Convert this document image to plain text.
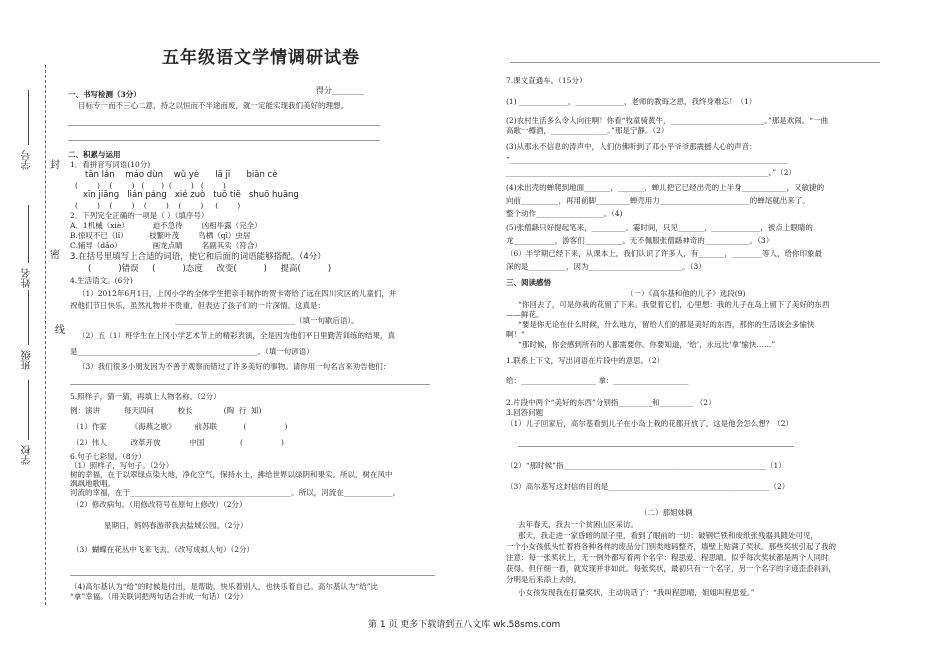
学号
姓名
班级
学校
封
密
线
五年级语文学情调研试卷
得分________
一、书写检测（3分）
目标专一而不三心二意，持之以恒而不半途而废，就一定能实现我们美好的理想。
二、积累与运用
1．看拼音写词语(10分)
tān lán    máo dùn    wǔ yè      lā jī      biān cè
(        )    (        )   (       )  (        )   (        )
xīn jiāng   lián páng   xié zuò   tuō tiē   shuō huāng
(        )    (        )    (        )    (        )     (        )
2．下列完全正确的一项是（ ）（填序号）
A．1机械（xiè）          迫不急待        凶相毕露（完全）
B.惊叹不已（lǐ）         枝繁叶茂        鸟栖（qī）虫居
C.辅导（dǎo）             画龙点睛        名副其实（符合）
3.在括号里填写上合适的词语，使它和后面的词语能够搭配。（4分）
(          )错误     (          )态度     改变(          )     提高(          )
4.生活语文。(6分)
（1）2012年6月1日，上冈小学的全体学生把亲手制作的贺卡寄给了远在四川灾区的儿童们，并
祝他们节日快乐，虽然礼物并不贵重，但表达了孩子们的一片深情。这真是：
________________________________（填一句歇后语）。
（2）五（1）班学生在上冈小学艺术节上的精彩表演，全是因为他们平日里勤苦训练的结果，真
是________________________________________________。（填一句谚语）
（3）我们很多小朋友因为不善于观察而错过了许多美好的事物。请你用一句名言来劝告他们：
5.照样子，猜一猜，再填上人物名称。（2分）
例：演讲          每天四问          校长             (陶  行  知)
（1）作家          《海燕之歌》        前苏联           (                )
（2）伟人          改革开放            中国               (                )
6.句子七彩屋。（8分）
（1）照样子，写句子。（2分）
树的幸福，在于以翠绿点染大地，净化空气，保持水土，拂给世界以绿阴和果实。所以，树在风中
飒飒地歌唱。
河流的幸福，在于___________________________________________。所以，河流在_____________。
（2）修改病句。（用修改符号在原句上修改）（2分）
星期日，妈妈春游带我去盐城公园。（2分）
（3）蝴蝶在花丛中飞来飞去。（改写成拟人句）（2分）
（4)高尔基认为“给”的时候是付出，是帮助，快乐着别人，也快乐着自己。高尔基认为“给”比
“拿”幸福。（用关联词把两句话合并成一句话）（2分）
7.课文直通车。（15分）
(1) _____________，_____________，老师的教诲之恩，我终身难忘！（1）
(2)农村生活多么令人向往啊！你看“牧童骑黄牛，_________________________。”那是欢闹。“一曲
高歌一樽酒，_______________。”那是宁静。（2）
(3)从那永不信息的涛声中，人们仿佛听到了邓小平爷爷那震撼人心的声音：
“__________________________________________________________________________
______________________________________________________________________。”（2）
(4)未出壳的蝉爬到地面_______，_______，蝉儿把它已经出壳的上半身____________，又敏捷的
向前__________，再用前脚_________蝉壳用力________________________的蝉尾就出来了。
整个动作__________________。（4)
(5)张僧繇只好提起笔来，_________。霎时间，只见_______，_____________，被点上眼睛的
龙___________，游客们__________。无不佩服张僧繇神奇的____________。（3）
（6）半学期已经下来，从课本上，我们认识了许多人，有_______，________等人，给你印象最
深的是__________，因为_________________________。（3）
三、阅读感悟
（一）《高尔基和他的儿子》选段(9)
“你回去了，可是你栽的花留了下来。我望着它们，心里想：我的儿子在岛上留下了美好的东西
——鲜花。
“要是你无论在什么时候，什么地方，留给人们的都是美好的东西，那你的生活该会多愉快
啊！”
“那时候，你会感到所有的人都需要你。你要知道，‘给’，永远比‘拿’愉快……”
1.联系上下文，写出词语在片段中的意思。（2）
给：____________________ 拿：____________________
2.片段中两个“美好的东西”分别指_________和_________ （2）
3.回答问题
（1）儿子回家后，高尔基看到儿子在小岛上栽的花都开放了，这是他会怎么想？（2）
（2）“那时候”指______________________________________________________（1）
（3）高尔基写这封信的目的是___________________________________________（2）
（二）那姐妹俩
去年春天，我去一个贫困山区采访。
那天，我走进一家昏暗的屋子里，看到了眼前的一切：破钢烂铁和废纸张残器具随处可见，
一个小女孩低头忙着将各种各样的废品分门别类地码整齐，墙壁上贴满了奖状。那些奖状引起了我的
注意：每一张奖状上，无一例外都写着两个名字：程思爱、程思晴。似乎每次奖状都是两个人同时
获得。但仔细一看，就发现并非如此。每张奖状，最初只有一个名字，另一个名字的字迹歪歪斜斜，
分明是后来添上去的。
小女孩发现我在打量奖状，主动说话了：“我叫程思晴，姐姐叫程思爱。”
第 1 页 更多下载请到五八文库 wk.58sms.com
